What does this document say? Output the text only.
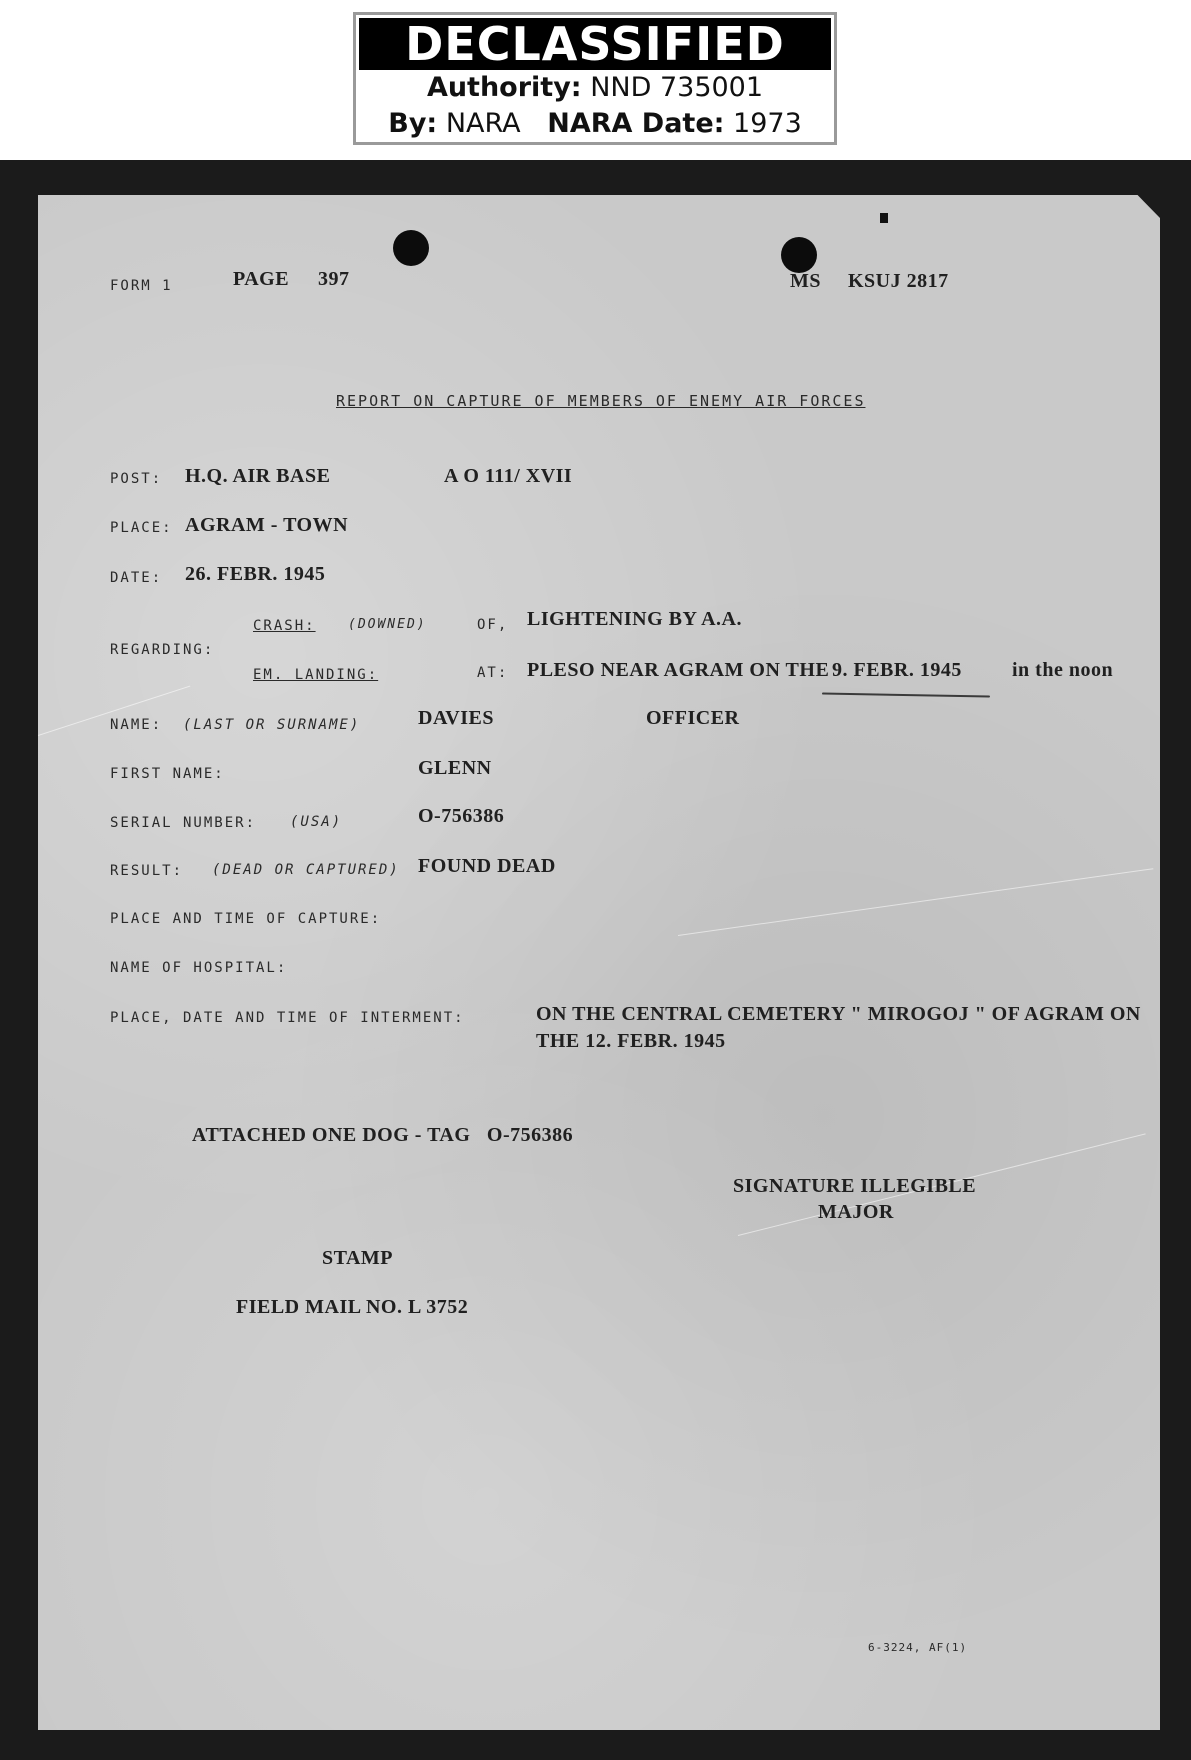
DECLASSIFIED
Authority: NND 735001
By: NARA NARA Date: 1973
FORM 1	PAGE 397	MS KSUJ 2817
REPORT ON CAPTURE OF MEMBERS OF ENEMY AIR FORCES
POST: H.Q. AIR BASE	A O 111/ XVII
PLACE: AGRAM - TOWN
DATE: 26. FEBR. 1945
CRASH: (DOWNED)	OF, LIGHTENING BY A.A.
REGARDING:
EM. LANDING:	AT: PLESO NEAR AGRAM ON THE 9. FEBR. 1945	in the noon
NAME: (LAST OR SURNAME)	DAVIES	OFFICER
FIRST NAME:	GLENN
SERIAL NUMBER: (USA)	O-756386
RESULT: (DEAD OR CAPTURED) FOUND DEAD
PLACE AND TIME OF CAPTURE:
NAME OF HOSPITAL:
PLACE, DATE AND TIME OF INTERMENT:	ON THE CENTRAL CEMETERY " MIROGOJ " OF AGRAM ON
THE 12. FEBR. 1945
ATTACHED ONE DOG - TAG   O-756386
SIGNATURE ILLEGIBLE
MAJOR
STAMP
FIELD MAIL NO. L 3752
6-3224, AF(1)
